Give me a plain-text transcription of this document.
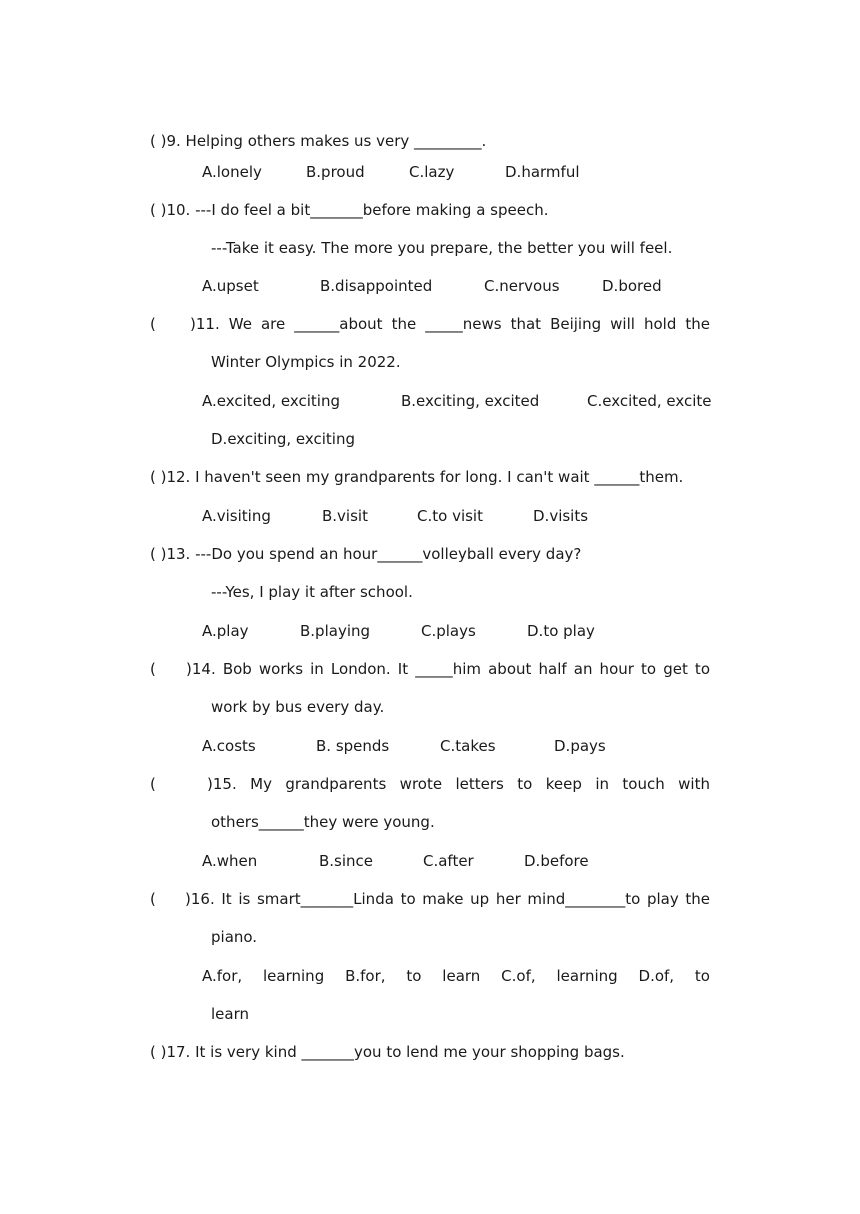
( )9. Helping others makes us very _________.
A.lonely	B.proud	C.lazy	D.harmful
( )10. ---I do feel a bit_______before making a speech.
---Take it easy. The more you prepare, the better you will feel.
A.upset	B.disappointed	C.nervous	D.bored
( )11. We are ______about the _____news that Beijing will hold the
Winter Olympics in 2022.
A.excited, exciting	B.exciting, excited	C.excited, excite
D.exciting, exciting
( )12. I haven't seen my grandparents for long. I can't wait ______them.
A.visiting	B.visit	C.to visit	D.visits
( )13. ---Do you spend an hour______volleyball every day?
---Yes, I play it after school.
A.play	B.playing	C.plays	D.to play
( )14. Bob works in London. It _____him about half an hour to get to
work by bus every day.
A.costs	B. spends	C.takes	D.pays
(	)15. My grandparents wrote letters to keep in touch with
others______they were young.
A.when	B.since	C.after	D.before
( )16. It is smart_______Linda to make up her mind________to play the
piano.
A.for, learning B.for, to learn C.of, learning D.of, to
learn
( )17. It is very kind _______you to lend me your shopping bags.
